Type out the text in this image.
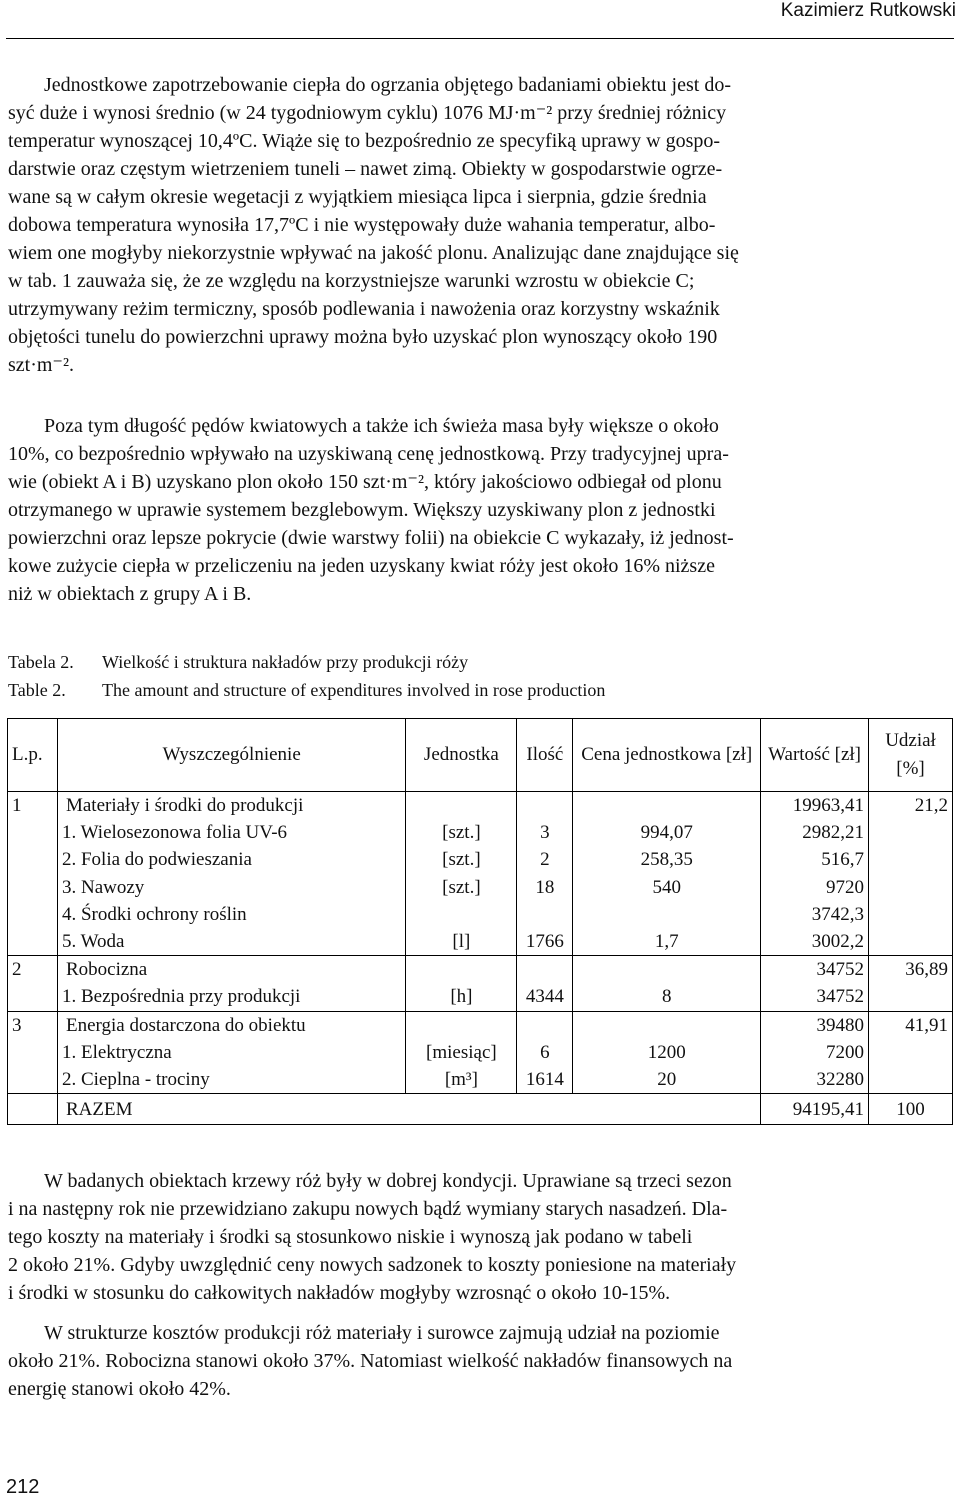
Kazimierz Rutkowski

Jednostkowe zapotrzebowanie ciepła do ogrzania objętego badaniami obiektu jest do-
syć duże i wynosi średnio (w 24 tygodniowym cyklu) 1076 MJ·m⁻² przy średniej różnicy
temperatur wynoszącej 10,4ºC. Wiąże się to bezpośrednio ze specyfiką uprawy w gospo-
darstwie oraz częstym wietrzeniem tuneli – nawet zimą. Obiekty w gospodarstwie ogrze-
wane są w całym okresie wegetacji z wyjątkiem miesiąca lipca i sierpnia, gdzie średnia
dobowa temperatura wynosiła 17,7ºC i nie występowały duże wahania temperatur, albo-
wiem one mogłyby niekorzystnie wpływać na jakość plonu. Analizując dane znajdujące się
w tab. 1 zauważa się, że ze względu na korzystniejsze warunki wzrostu w obiekcie C;
utrzymywany reżim termiczny, sposób podlewania i nawożenia oraz korzystny wskaźnik
objętości tunelu do powierzchni uprawy można było uzyskać plon wynoszący około 190
szt·m⁻².

Poza tym długość pędów kwiatowych a także ich świeża masa były większe o około
10%, co bezpośrednio wpływało na uzyskiwaną cenę jednostkową. Przy tradycyjnej upra-
wie (obiekt A i B) uzyskano plon około 150 szt·m⁻², który jakościowo odbiegał od plonu
otrzymanego w uprawie systemem bezglebowym. Większy uzyskiwany plon z jednostki
powierzchni oraz lepsze pokrycie (dwie warstwy folii) na obiekcie C wykazały, iż jednost-
kowe zużycie ciepła w przeliczeniu na jeden uzyskany kwiat róży jest około 16% niższe
niż w obiektach z grupy A i B.

Tabela 2. Wielkość i struktura nakładów przy produkcji róży
Table 2. The amount and structure of expenditures involved in rose production
L.p.	Wyszczególnienie	Jednostka	Ilość	Cena jednostkowa [zł]	Wartość [zł]	Udział [%]
1	Materiały i środki do produkcji				19963,41	21,2
	1. Wielosezonowa folia UV-6	[szt.]	3	994,07	2982,21	
	2. Folia do podwieszania	[szt.]	2	258,35	516,7	
	3. Nawozy	[szt.]	18	540	9720	
	4. Środki ochrony roślin				3742,3	
	5. Woda	[l]	1766	1,7	3002,2	
2	Robocizna				34752	36,89
	1. Bezpośrednia przy produkcji	[h]	4344	8	34752	
3	Energia dostarczona do obiektu				39480	41,91
	1. Elektryczna	[miesiąc]	6	1200	7200	
	2. Cieplna - trociny	[m³]	1614	20	32280	
	RAZEM				94195,41	100

W badanych obiektach krzewy róż były w dobrej kondycji. Uprawiane są trzeci sezon
i na następny rok nie przewidziano zakupu nowych bądź wymiany starych nasadzeń. Dla-
tego koszty na materiały i środki są stosunkowo niskie i wynoszą jak podano w tabeli
2 około 21%. Gdyby uwzględnić ceny nowych sadzonek to koszty poniesione na materiały
i środki w stosunku do całkowitych nakładów mogłyby wzrosnąć o około 10-15%.

W strukturze kosztów produkcji róż materiały i surowce zajmują udział na poziomie
około 21%. Robocizna stanowi około 37%. Natomiast wielkość nakładów finansowych na
energię stanowi około 42%.

212
